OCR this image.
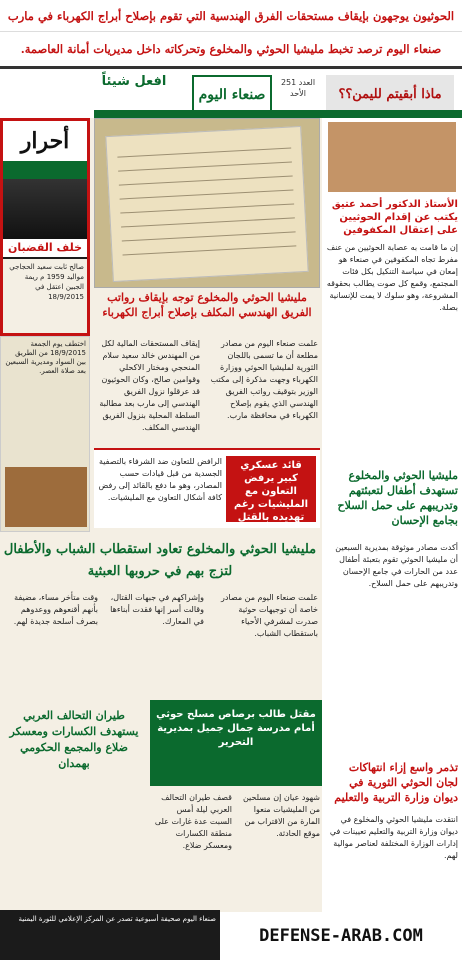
الحوثيون يوجهون بإيقاف مستحقات الفرق الهندسية التي تقوم بإصلاح أبراج الكهرباء في مارب
صنعاء اليوم ترصد تخبط مليشيا الحوثي والمخلوع وتحركاته داخل مديريات أمانة العاصمة.
ماذا أبقيتم لليمن؟؟
العدد 251 الأحد
صنعاء اليوم
افعل شيئاً
أحرار
خلف القضبان
صالح ثابت سعيد الحجاجي مواليد 1959 م ريمة الجبين اعتقل في 18/9/2015
اختطف يوم الجمعة 18/9/2015 من الطريق بين السواد ومديرية السبعين بعد صلاة العصر.
مليشيا الحوثي والمخلوع توجه بإيقاف رواتب الفريق الهندسي المكلف بإصلاح أبراج الكهرباء
إيقاف المستحقات المالية لكل من المهندس خالد سعيد سلام المنحجي ومختار الاكحلي وقوامين صالح، وكان الحوثيون قد عرقلوا نزول الفريق الهندسي إلى مارب بعد مطالبة السلطة المحلية بنزول الفريق الهندسي المكلف.
علمت صنعاء اليوم من مصادر مطلعة أن ما تسمى باللجان الثورية لمليشيا الحوثي ووزارة الكهرباء وجهت مذكرة إلى مكتب الوزير بتوقيف رواتب الفريق الهندسي الذي يقوم بإصلاح الكهرباء في محافظة مارب.
الأستاذ الدكتور أحمد عتيق يكتب عن إقدام الحوثيين على إعتقال المكفوفين
إن ما قامت به عصابة الحوثيين من عنف مفرط تجاه المكفوفين في صنعاء هو إمعان في سياسة التنكيل بكل فئات المجتمع، وقمع كل صوت يطالب بحقوقه المشروعة، وهو سلوك لا يمت للإنسانية بصلة.
قائد عسكري كبير يرفض التعاون مع المليشيات رغم تهديده بالقتل
الرافض للتعاون ضد الشرفاء بالتصفية الجسدية من قبل قيادات حسب المصادر، وهو ما دفع بالقائد إلى رفض كافة أشكال التعاون مع المليشيات.
مليشيا الحوثي والمخلوع تعاود استقطاب الشباب والأطفال لتزج بهم في حروبها العبثية
وقت متأخر مساء، مضيفة بأنهم أقنعوهم ووعدوهم بصرف أسلحة جديدة لهم.
وإشراكهم في جبهات القتال، وقالت أسر إنها فقدت أبناءها في المعارك.
علمت صنعاء اليوم من مصادر خاصة أن توجيهات حوثية صدرت لمشرفي الأحياء باستقطاب الشباب.
مليشيا الحوثي والمخلوع تستهدف أطفال لتعبئتهم وتدريبهم على حمل السلاح بجامع الإحسان
أكدت مصادر موثوقة بمديرية السبعين أن مليشيا الحوثي تقوم بتعبئة أطفال عدد من الحارات في جامع الإحسان وتدريبهم على حمل السلاح.
تذمر واسع إزاء انتهاكات لجان الحوثي الثورية في ديوان وزارة التربية والتعليم
انتقدت مليشيا الحوثي والمخلوع في ديوان وزارة التربية والتعليم تعيينات في إدارات الوزارة المختلفة لعناصر موالية لهم.
مقتل طالب برصاص مسلح حوثي أمام مدرسة جمال جميل بمديرية التحرير
طيران التحالف العربي يستهدف الكسارات ومعسكر ضلاع والمجمع الحكومي بهمدان
قصف طيران التحالف العربي ليلة أمس السبت عدة غارات على منطقة الكسارات ومعسكر ضلاع.
شهود عيان إن مسلحين من المليشيات منعوا المارة من الاقتراب من موقع الحادثة.
صنعاء اليوم صحيفة أسبوعية تصدر عن المركز الإعلامي للثورة اليمنية
DEFENSE-ARAB.COM
